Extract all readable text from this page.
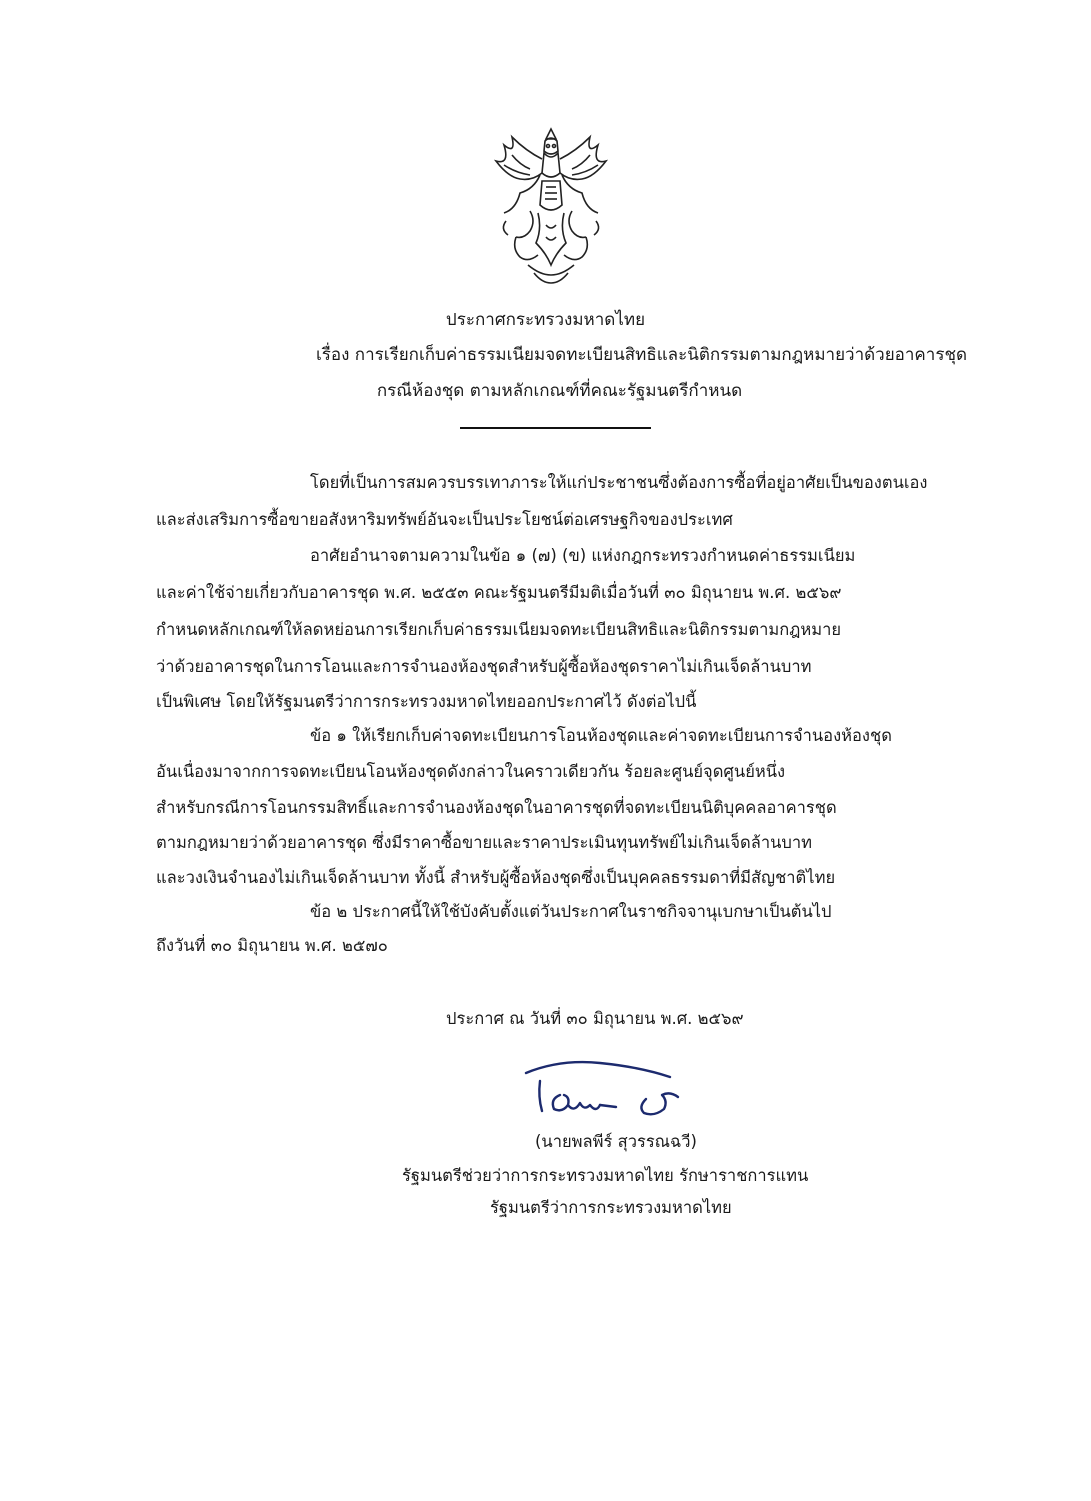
ประกาศกระทรวงมหาดไทย
เรื่อง การเรียกเก็บค่าธรรมเนียมจดทะเบียนสิทธิและนิติกรรมตามกฎหมายว่าด้วยอาคารชุด
กรณีห้องชุด ตามหลักเกณฑ์ที่คณะรัฐมนตรีกำหนด
โดยที่เป็นการสมควรบรรเทาภาระให้แก่ประชาชนซึ่งต้องการซื้อที่อยู่อาศัยเป็นของตนเอง
และส่งเสริมการซื้อขายอสังหาริมทรัพย์อันจะเป็นประโยชน์ต่อเศรษฐกิจของประเทศ
อาศัยอำนาจตามความในข้อ ๑ (๗) (ข) แห่งกฎกระทรวงกำหนดค่าธรรมเนียม
และค่าใช้จ่ายเกี่ยวกับอาคารชุด พ.ศ. ๒๕๕๓ คณะรัฐมนตรีมีมติเมื่อวันที่ ๓๐ มิถุนายน พ.ศ. ๒๕๖๙
กำหนดหลักเกณฑ์ให้ลดหย่อนการเรียกเก็บค่าธรรมเนียมจดทะเบียนสิทธิและนิติกรรมตามกฎหมาย
ว่าด้วยอาคารชุดในการโอนและการจำนองห้องชุดสำหรับผู้ซื้อห้องชุดราคาไม่เกินเจ็ดล้านบาท
เป็นพิเศษ โดยให้รัฐมนตรีว่าการกระทรวงมหาดไทยออกประกาศไว้ ดังต่อไปนี้
ข้อ ๑ ให้เรียกเก็บค่าจดทะเบียนการโอนห้องชุดและค่าจดทะเบียนการจำนองห้องชุด
อันเนื่องมาจากการจดทะเบียนโอนห้องชุดดังกล่าวในคราวเดียวกัน ร้อยละศูนย์จุดศูนย์หนึ่ง
สำหรับกรณีการโอนกรรมสิทธิ์และการจำนองห้องชุดในอาคารชุดที่จดทะเบียนนิติบุคคลอาคารชุด
ตามกฎหมายว่าด้วยอาคารชุด ซึ่งมีราคาซื้อขายและราคาประเมินทุนทรัพย์ไม่เกินเจ็ดล้านบาท
และวงเงินจำนองไม่เกินเจ็ดล้านบาท ทั้งนี้ สำหรับผู้ซื้อห้องชุดซึ่งเป็นบุคคลธรรมดาที่มีสัญชาติไทย
ข้อ ๒ ประกาศนี้ให้ใช้บังคับตั้งแต่วันประกาศในราชกิจจานุเบกษาเป็นต้นไป
ถึงวันที่ ๓๐ มิถุนายน พ.ศ. ๒๕๗๐
ประกาศ ณ วันที่ ๓๐ มิถุนายน พ.ศ. ๒๕๖๙
(นายพลพีร์ สุวรรณฉวี)
รัฐมนตรีช่วยว่าการกระทรวงมหาดไทย รักษาราชการแทน
รัฐมนตรีว่าการกระทรวงมหาดไทย
